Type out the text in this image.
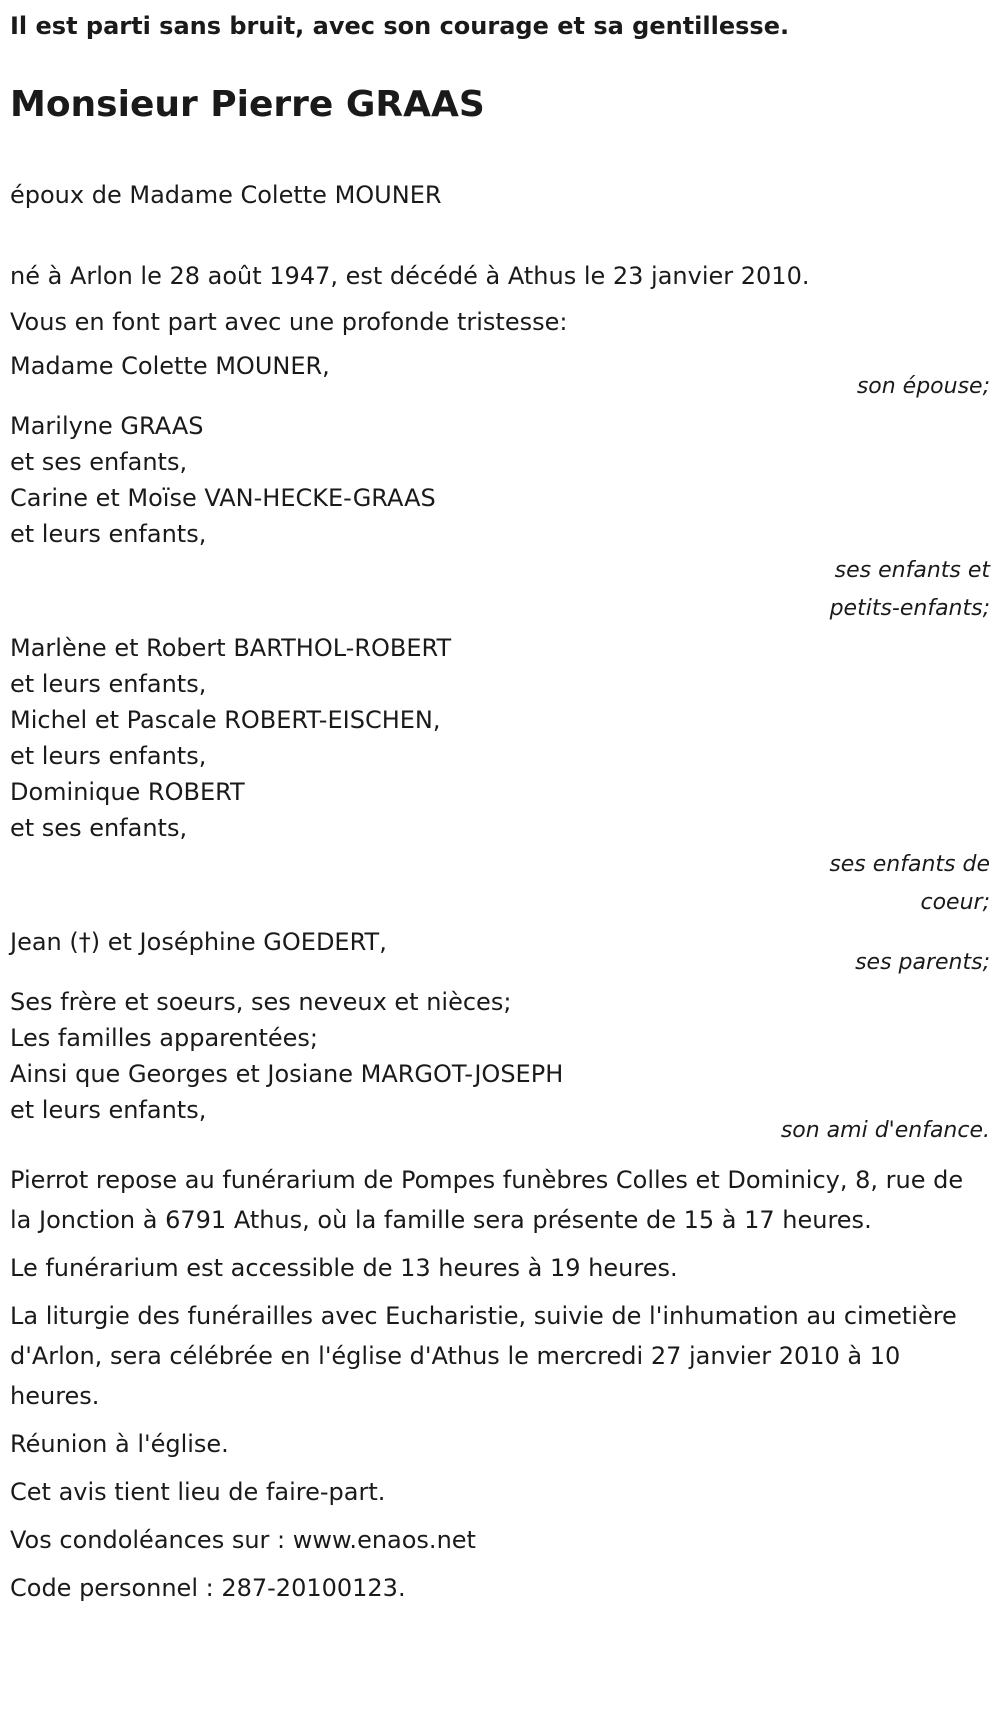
Il est parti sans bruit, avec son courage et sa gentillesse.

Monsieur Pierre GRAAS

époux de Madame Colette MOUNER

né à Arlon le 28 août 1947, est décédé à Athus le 23 janvier 2010.

Vous en font part avec une profonde tristesse:

Madame Colette MOUNER,

son épouse;

Marilyne GRAAS

et ses enfants,

Carine et Moïse VAN-HECKE-GRAAS

et leurs enfants,

ses enfants et

petits-enfants;

Marlène et Robert BARTHOL-ROBERT

et leurs enfants,

Michel et Pascale ROBERT-EISCHEN,

et leurs enfants,

Dominique ROBERT

et ses enfants,

ses enfants de

coeur;

Jean (†) et Joséphine GOEDERT,

ses parents;

Ses frère et soeurs, ses neveux et nièces;

Les familles apparentées;

Ainsi que Georges et Josiane MARGOT-JOSEPH

et leurs enfants,

son ami d'enfance.

Pierrot repose au funérarium de Pompes funèbres Colles et Dominicy, 8, rue de la Jonction à 6791 Athus, où la famille sera présente de 15 à 17 heures.

Le funérarium est accessible de 13 heures à 19 heures.

La liturgie des funérailles avec Eucharistie, suivie de l'inhumation au cimetière d'Arlon, sera célébrée en l'église d'Athus le mercredi 27 janvier 2010 à 10 heures.

Réunion à l'église.

Cet avis tient lieu de faire-part.

Vos condoléances sur : www.enaos.net

Code personnel : 287-20100123.
